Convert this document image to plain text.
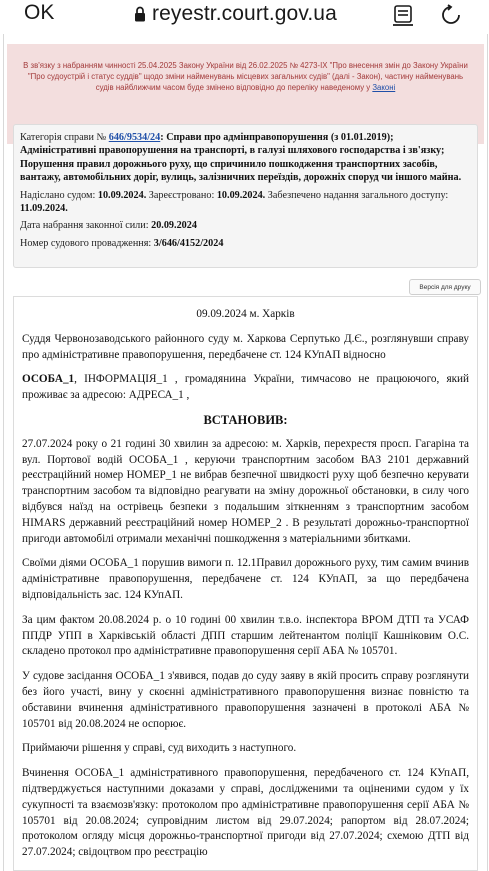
OK	reyestr.court.gov.ua
В зв'язку з набранням чинності 25.04.2025 Закону України від 26.02.2025 № 4273-ІХ "Про внесення змін до Закону України "Про судоустрій і статус суддів" щодо зміни найменувань місцевих загальних судів" (далі - Закон), частину найменувань судів найближчим часом буде змінено відповідно до переліку наведеному у Законі

Категорія справи № 646/9534/24: Справи про адмінправопорушення (з 01.01.2019); Адміністративні правопорушення на транспорті, в галузі шляхового господарства і зв'язку; Порушення правил дорожнього руху, що спричинило пошкодження транспортних засобів, вантажу, автомобільних доріг, вулиць, залізничних переїздів, дорожніх споруд чи іншого майна.

Надіслано судом: 10.09.2024. Зареєстровано: 10.09.2024. Забезпечено надання загального доступу: 11.09.2024.

Дата набрання законної сили: 20.09.2024

Номер судового провадження: 3/646/4152/2024

Версія для друку

09.09.2024 м. Харків

Суддя Червонозаводського районного суду м. Харкова Серпутько Д.Є., розглянувши справу про адміністративне правопорушення, передбачене ст. 124 КУпАП відносно

ОСОБА_1, ІНФОРМАЦІЯ_1 , громадянина України, тимчасово не працюючого, який проживає за адресою: АДРЕСА_1 ,

ВСТАНОВИВ:

27.07.2024 року о 21 годині 30 хвилин за адресою: м. Харків, перехрестя просп. Гагаріна та вул. Портової водій ОСОБА_1 , керуючи транспортним засобом ВАЗ 2101 державний реєстраційний номер НОМЕР_1 не вибрав безпечної швидкості руху щоб безпечно керувати транспортним засобом та відповідно реагувати на зміну дорожньої обстановки, в силу чого відбувся наїзд на острівець безпеки з подальшим зіткненням з транспортним засобом HIMARS державний реєстраційний номер НОМЕР_2 . В результаті дорожньо-транспортної пригоди автомобілі отримали механічні пошкодження з матеріальними збитками.

Своїми діями ОСОБА_1 порушив вимоги п. 12.1Правил дорожнього руху, тим самим вчинив адміністративне правопорушення, передбачене ст. 124 КУпАП, за що передбачена відповідальність зас. 124 КУпАП.

За цим фактом 20.08.2024 р. о 10 годині 00 хвилин т.в.о. інспектора ВРОМ ДТП та УСАФ ППДР УПП в Харківській області ДПП старшим лейтенантом поліції Кашніковим О.С. складено протокол про адміністративне правопорушення серії АБА № 105701.

У судове засідання ОСОБА_1 з'явився, подав до суду заяву в якій просить справу розглянути без його участі, вину у скоєнні адміністративного правопорушення визнає повністю та обставини вчинення адміністративного правопорушення зазначені в протоколі АБА № 105701 від 20.08.2024 не оспорює.

Приймаючи рішення у справі, суд виходить з наступного.

Вчинення ОСОБА_1 адміністративного правопорушення, передбаченого ст. 124 КУпАП, підтверджується наступними доказами у справі, дослідженими та оціненими судом у їх сукупності та взаємозв'язку: протоколом про адміністративне правопорушення серії АБА № 105701 від 20.08.2024; супровідним листом від 29.07.2024; рапортом від 28.07.2024; протоколом огляду місця дорожньо-транспортної пригоди від 27.07.2024; схемою ДТП від 27.07.2024; свідоцтвом про реєстрацію
